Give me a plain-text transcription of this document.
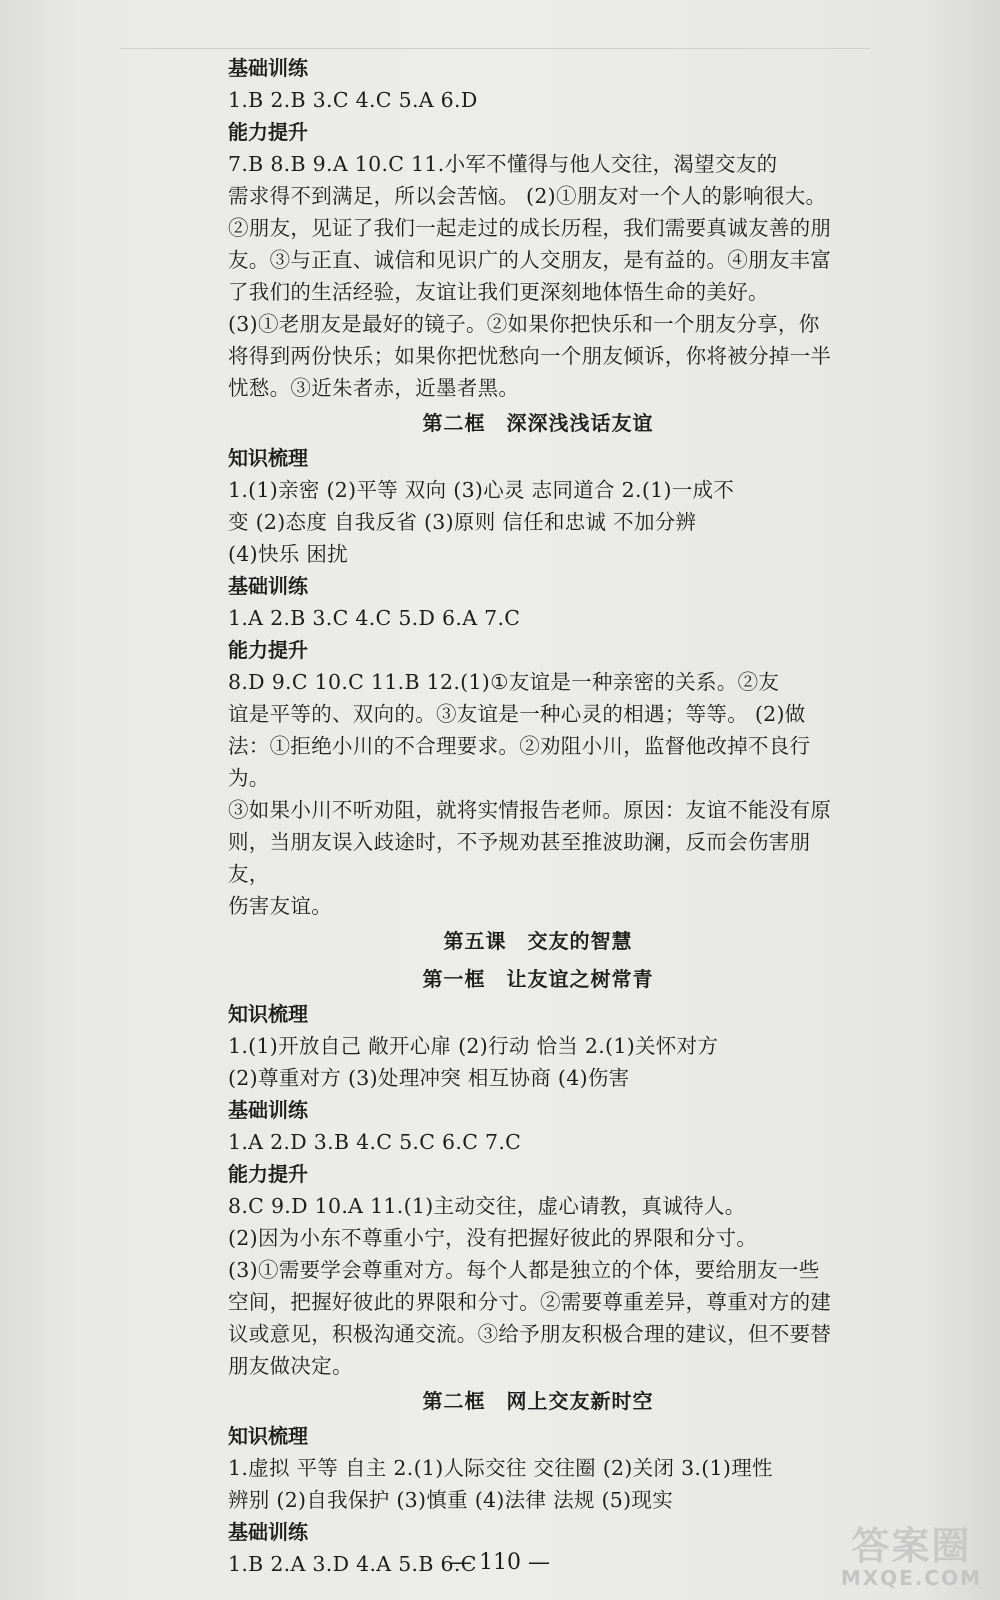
基础训练

1.B 2.B 3.C 4.C 5.A 6.D

能力提升

7.B 8.B 9.A 10.C 11.小军不懂得与他人交往，渴望交友的

需求得不到满足，所以会苦恼。 (2)①朋友对一个人的影响很大。

②朋友，见证了我们一起走过的成长历程，我们需要真诚友善的朋

友。③与正直、诚信和见识广的人交朋友，是有益的。④朋友丰富

了我们的生活经验，友谊让我们更深刻地体悟生命的美好。

(3)①老朋友是最好的镜子。②如果你把快乐和一个朋友分享，你

将得到两份快乐；如果你把忧愁向一个朋友倾诉，你将被分掉一半

忧愁。③近朱者赤，近墨者黑。

第二框　深深浅浅话友谊

知识梳理

1.(1)亲密 (2)平等 双向 (3)心灵 志同道合 2.(1)一成不

变 (2)态度 自我反省 (3)原则 信任和忠诚 不加分辨

(4)快乐 困扰

基础训练

1.A 2.B 3.C 4.C 5.D 6.A 7.C

能力提升

8.D 9.C 10.C 11.B 12.(1)①友谊是一种亲密的关系。②友

谊是平等的、双向的。③友谊是一种心灵的相遇；等等。 (2)做

法：①拒绝小川的不合理要求。②劝阻小川，监督他改掉不良行为。

③如果小川不听劝阻，就将实情报告老师。原因：友谊不能没有原

则，当朋友误入歧途时，不予规劝甚至推波助澜，反而会伤害朋友，

伤害友谊。

第五课　交友的智慧

第一框　让友谊之树常青

知识梳理

1.(1)开放自己 敞开心扉 (2)行动 恰当 2.(1)关怀对方

(2)尊重对方 (3)处理冲突 相互协商 (4)伤害

基础训练

1.A 2.D 3.B 4.C 5.C 6.C 7.C

能力提升

8.C 9.D 10.A 11.(1)主动交往，虚心请教，真诚待人。

(2)因为小东不尊重小宁，没有把握好彼此的界限和分寸。

(3)①需要学会尊重对方。每个人都是独立的个体，要给朋友一些

空间，把握好彼此的界限和分寸。②需要尊重差异，尊重对方的建

议或意见，积极沟通交流。③给予朋友积极合理的建议，但不要替

朋友做决定。

第二框　网上交友新时空

知识梳理

1.虚拟 平等 自主 2.(1)人际交往 交往圈 (2)关闭 3.(1)理性

辨别 (2)自我保护 (3)慎重 (4)法律 法规 (5)现实

基础训练

1.B 2.A 3.D 4.A 5.B 6.C

— 110 —	答案圈
MXQE.COM
